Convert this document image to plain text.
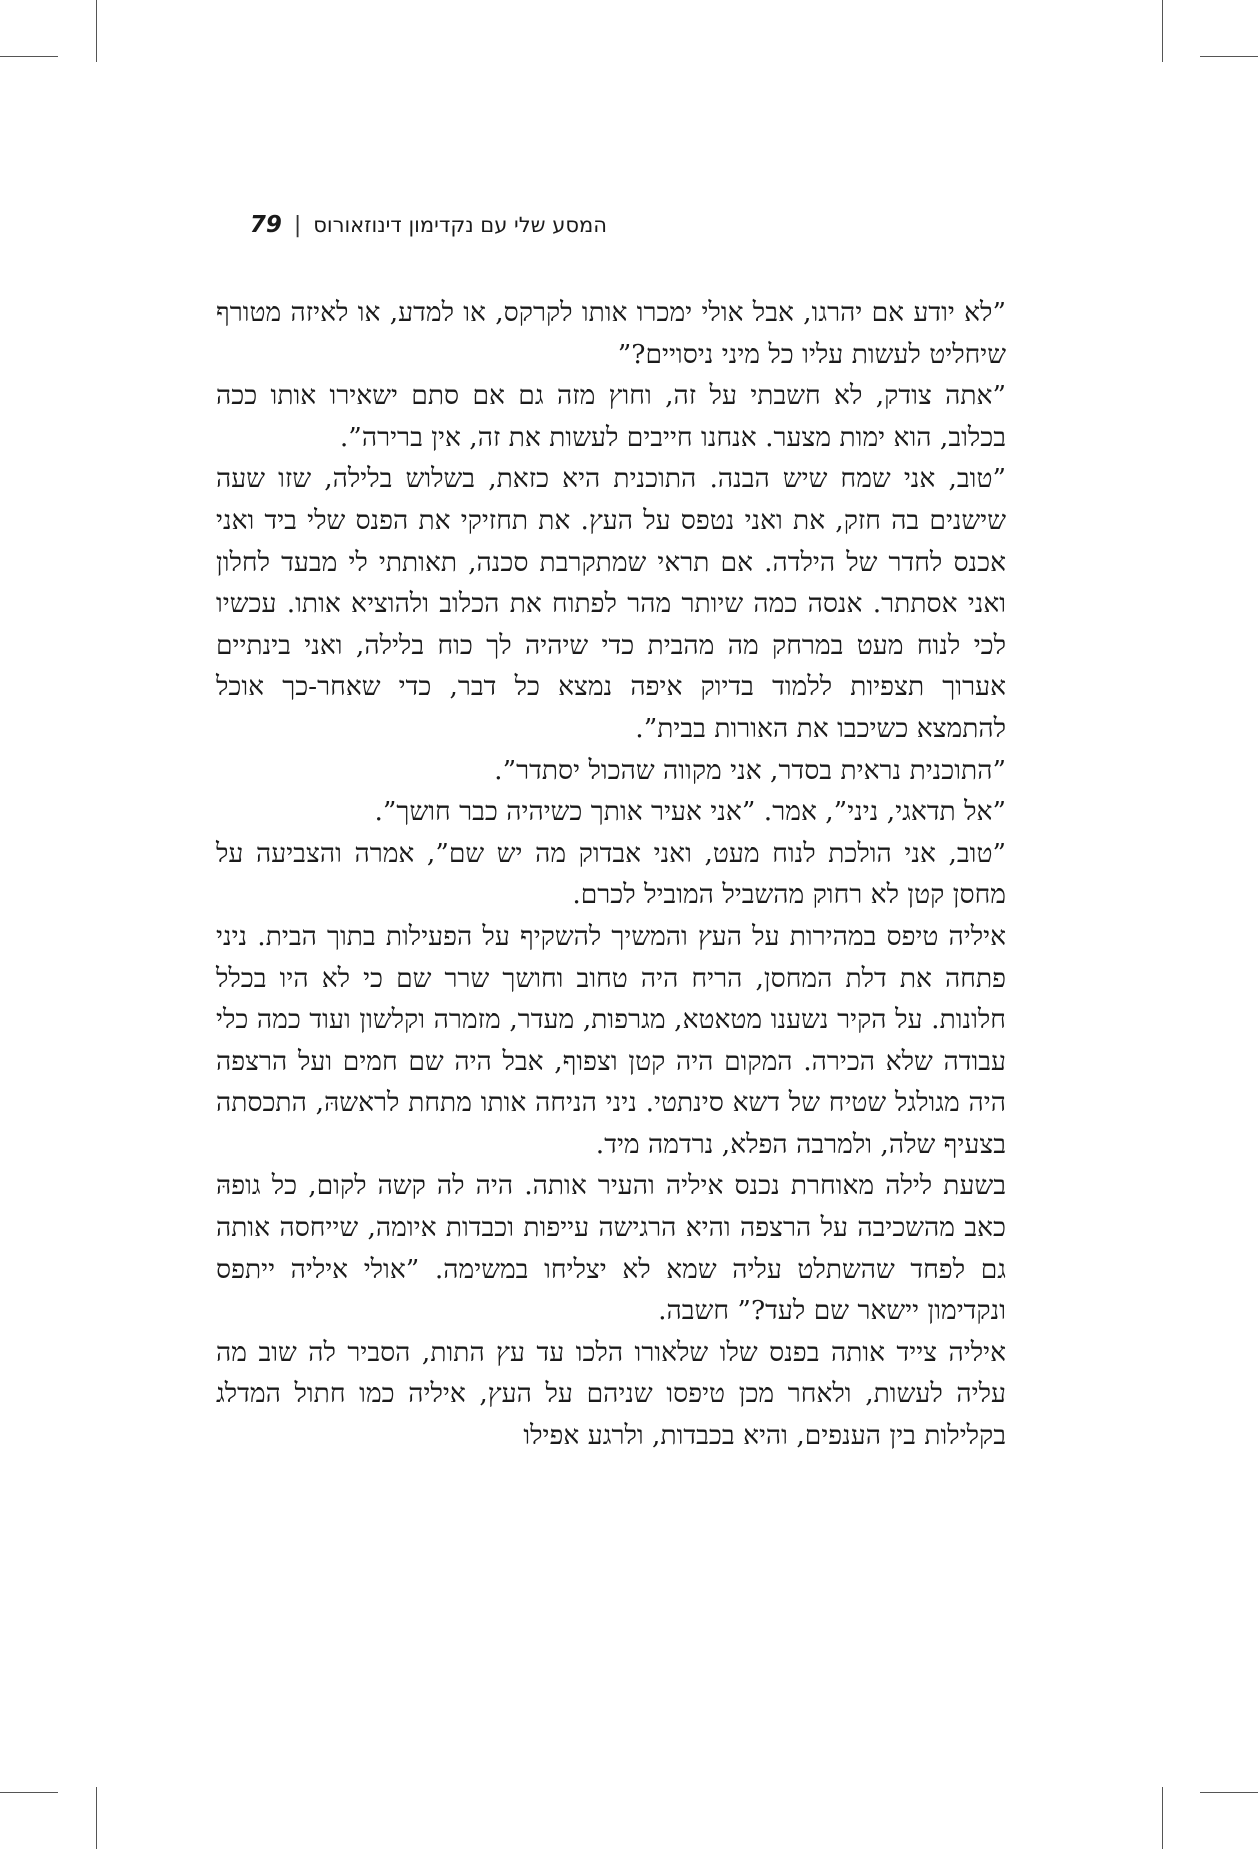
המסע שלי עם נקדימון דינוזאורוס
|
79

”לא יודע אם יהרגו, אבל אולי ימכרו אותו לקרקס, או למדע, או לאיזה מטורף שיחליט לעשות עליו כל מיני ניסויים?”

”אתה צודק, לא חשבתי על זה, וחוץ מזה גם אם סתם ישאירו אותו ככה בכלוב, הוא ימות מצער. אנחנו חייבים לעשות את זה, אין ברירה”.

”טוב, אני שמח שיש הבנה. התוכנית היא כזאת, בשלוש בלילה, שזו שעה שישנים בה חזק, את ואני נטפס על העץ. את תחזיקי את הפנס שלי ביד ואני אכנס לחדר של הילדה. אם תראי שמתקרבת סכנה, תאותתי לי מבעד לחלון ואני אסתתר. אנסה כמה שיותר מהר לפתוח את הכלוב ולהוציא אותו. עכשיו לכי לנוח מעט במרחק מה מהבית כדי שיהיה לך כוח בלילה, ואני בינתיים אערוך תצפיות ללמוד בדיוק איפה נמצא כל דבר, כדי שאחר-כך אוכל להתמצא כשיכבו את האורות בבית”.

”התוכנית נראית בסדר, אני מקווה שהכול יסתדר”.

”אל תדאגי, ניני”, אמר. ”אני אעיר אותך כשיהיה כבר חושך”.

”טוב, אני הולכת לנוח מעט, ואני אבדוק מה יש שם”, אמרה והצביעה על מחסן קטן לא רחוק מהשביל המוביל לכרם.

איליה טיפס במהירות על העץ והמשיך להשקיף על הפעילות בתוך הבית. ניני פתחה את דלת המחסן, הריח היה טחוב וחושך שרר שם כי לא היו בכלל חלונות. על הקיר נשענו מטאטא, מגרפות, מעדר, מזמרה וקלשון ועוד כמה כלי עבודה שלא הכירה. המקום היה קטן וצפוף, אבל היה שם חמים ועל הרצפה היה מגולגל שטיח של דשא סינתטי. ניני הניחה אותו מתחת לראשהּ, התכסתה בצעיף שלה, ולמרבה הפלא, נרדמה מיד.

בשעת לילה מאוחרת נכנס איליה והעיר אותה. היה לה קשה לקום, כל גופהּ כאב מהשכיבה על הרצפה והיא הרגישה עייפות וכבדות איומה, שייחסה אותה גם לפחד שהשתלט עליה שמא לא יצליחו במשימה. ”אולי איליה ייתפס ונקדימון יישאר שם לעד?” חשבה.

איליה צייד אותה בפנס שלו שלאורו הלכו עד עץ התות, הסביר לה שוב מה עליה לעשות, ולאחר מכן טיפסו שניהם על העץ, איליה כמו חתול המדלג בקלילות בין הענפים, והיא בכבדות, ולרגע אפילו
